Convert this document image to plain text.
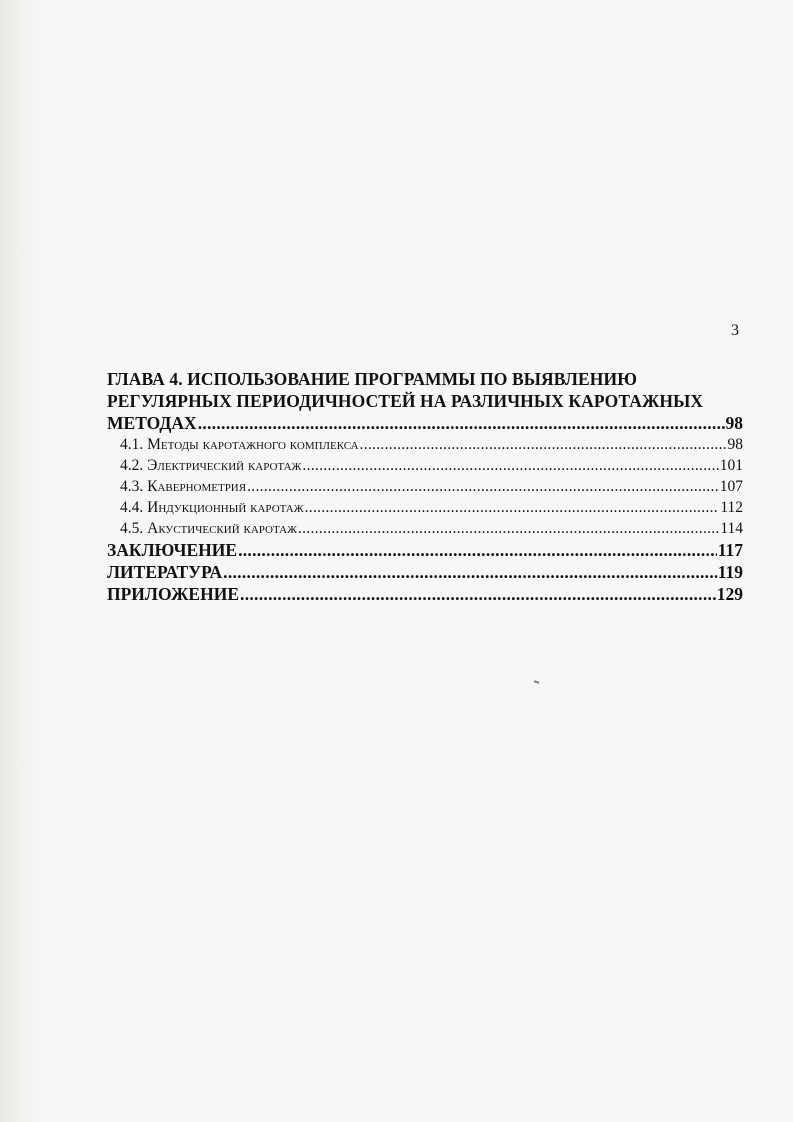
3
ГЛАВА 4. ИСПОЛЬЗОВАНИЕ ПРОГРАММЫ ПО ВЫЯВЛЕНИЮ
РЕГУЛЯРНЫХ ПЕРИОДИЧНОСТЕЙ НА РАЗЛИЧНЫХ КАРОТАЖНЫХ
МЕТОДАХ .....	98
4.1. Методы каротажного комплекса .....	98
4.2. Электрический каротаж .....	101
4.3. Кавернометрия .....	107
4.4. Индукционный каротаж .....	112
4.5. Акустический каротаж .....	114
ЗАКЛЮЧЕНИЕ .....	117
ЛИТЕРАТУРА .....	119
ПРИЛОЖЕНИЕ .....	129
